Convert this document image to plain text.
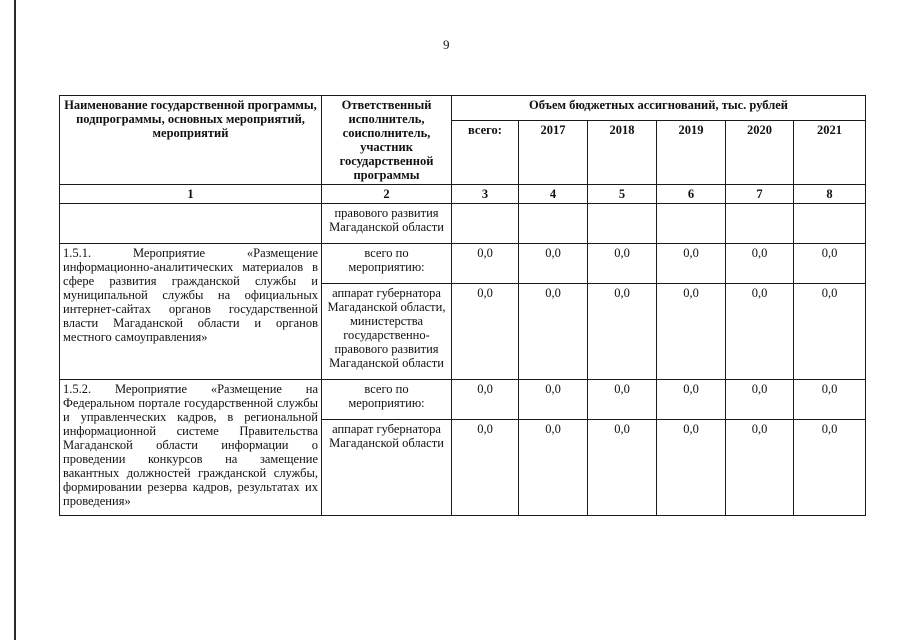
9
Наименование государственной программы, подпрограммы, основных мероприятий, мероприятий	Ответственный исполнитель, соисполнитель, участник государственной программы	Объем бюджетных ассигнований, тыс. рублей					
		всего:	2017	2018	2019	2020	2021
1	2	3	4	5	6	7	8
	правового развития Магаданской области						
1.5.1. Мероприятие «Размещение информационно-аналитических материалов в сфере развития гражданской службы и муниципальной службы на официальных интернет-сайтах органов государственной власти Магаданской области и органов местного самоуправления»	всего по мероприятию:	0,0	0,0	0,0	0,0	0,0	0,0
	аппарат губернатора Магаданской области, министерства государственно-правового развития Магаданской области	0,0	0,0	0,0	0,0	0,0	0,0
1.5.2. Мероприятие «Размещение на Федеральном портале государственной службы и управленческих кадров, в региональной информационной системе Правительства Магаданской области информации о проведении конкурсов на замещение вакантных должностей гражданской службы, формировании резерва кадров, результатах их проведения»	всего по мероприятию:	0,0	0,0	0,0	0,0	0,0	0,0
	аппарат губернатора Магаданской области	0,0	0,0	0,0	0,0	0,0	0,0
